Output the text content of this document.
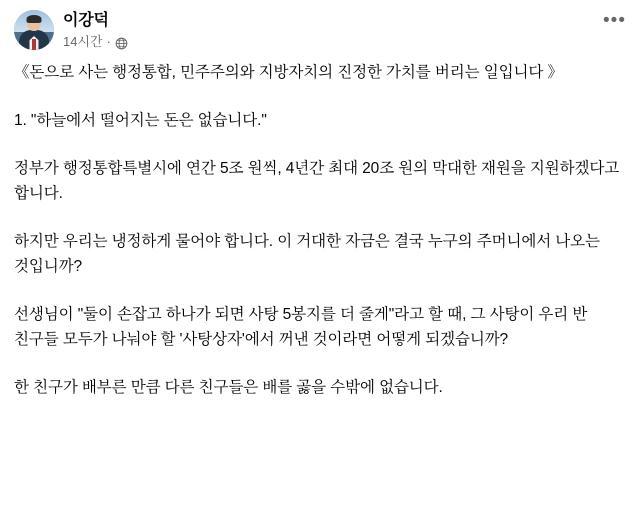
이강덕
14시간 ·
•••

《돈으로 사는 행정통합, 민주주의와 지방자치의 진정한 가치를 버리는 일입니다 》

1. "하늘에서 떨어지는 돈은 없습니다."

정부가 행정통합특별시에 연간 5조 원씩, 4년간 최대 20조 원의 막대한 재원을 지원하겠다고 합니다.

하지만 우리는 냉정하게 물어야 합니다. 이 거대한 자금은 결국 누구의 주머니에서 나오는 것입니까?

선생님이 "둘이 손잡고 하나가 되면 사탕 5봉지를 더 줄게"라고 할 때, 그 사탕이 우리 반 친구들 모두가 나눠야 할 '사탕상자'에서 꺼낸 것이라면 어떻게 되겠습니까?

한 친구가 배부른 만큼 다른 친구들은 배를 곯을 수밖에 없습니다.
